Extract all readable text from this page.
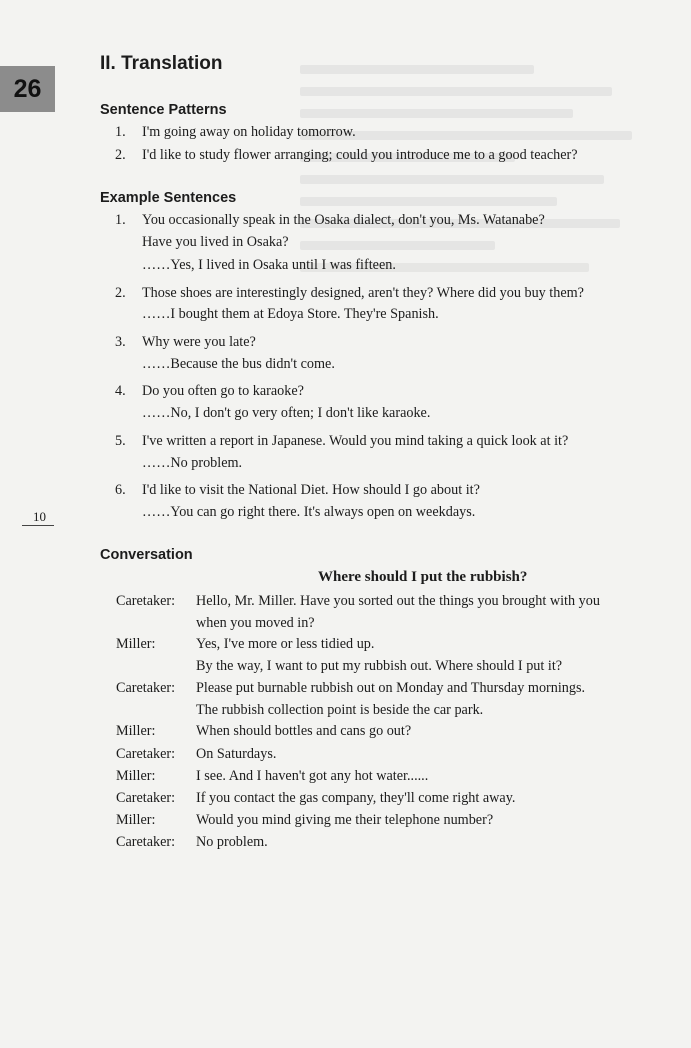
26
10
II. Translation
Sentence Patterns
1. I'm going away on holiday tomorrow.
2. I'd like to study flower arranging; could you introduce me to a good teacher?
Example Sentences
1. You occasionally speak in the Osaka dialect, don't you, Ms. Watanabe?
Have you lived in Osaka?
……Yes, I lived in Osaka until I was fifteen.
2. Those shoes are interestingly designed, aren't they? Where did you buy them?
……I bought them at Edoya Store. They're Spanish.
3. Why were you late?
……Because the bus didn't come.
4. Do you often go to karaoke?
……No, I don't go very often; I don't like karaoke.
5. I've written a report in Japanese. Would you mind taking a quick look at it?
……No problem.
6. I'd like to visit the National Diet. How should I go about it?
……You can go right there. It's always open on weekdays.
Conversation
Where should I put the rubbish?
Caretaker: Hello, Mr. Miller. Have you sorted out the things you brought with you
when you moved in?
Miller:	Yes, I've more or less tidied up.
By the way, I want to put my rubbish out. Where should I put it?
Caretaker: Please put burnable rubbish out on Monday and Thursday mornings.
The rubbish collection point is beside the car park.
Miller:	When should bottles and cans go out?
Caretaker: On Saturdays.
Miller:	I see. And I haven't got any hot water......
Caretaker: If you contact the gas company, they'll come right away.
Miller:	Would you mind giving me their telephone number?
Caretaker: No problem.
